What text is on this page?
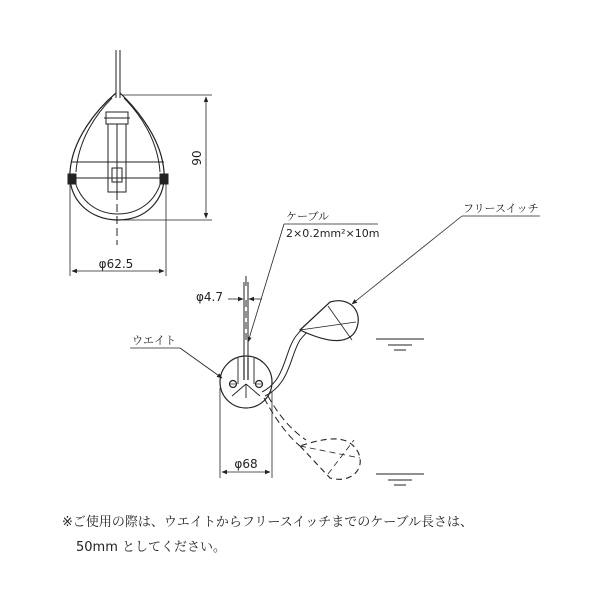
90
φ62.5
φ4.7
φ68
ケーブル
2×0.2mm²×10m
フリースイッチ
ウエイト
※ご使用の際は、ウエイトからフリースイッチまでのケーブル長さは、
50mm としてください。
